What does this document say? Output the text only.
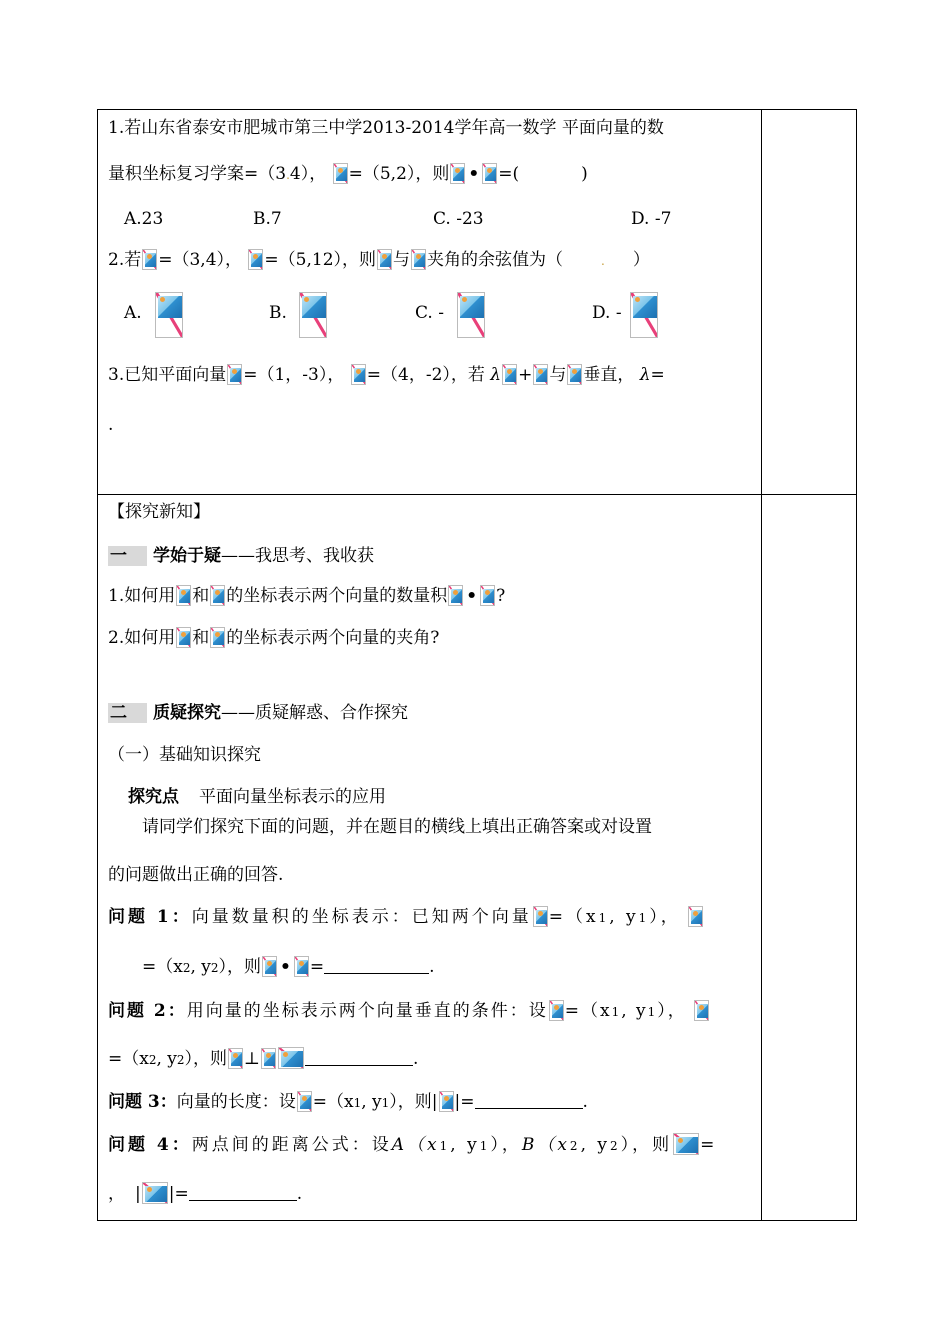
1.若山东省泰安市肥城市第三中学2013-2014学年高一数学 平面向量的数
量积坐标复习学案=（3.4）， =（5,2），则 • =(	)
A.23	B.7	C. -23	D. -7
2.若 =（3,4）， =（5,12），则 与 夹角的余弦值为（	. ）
A.	B.	C. -	D. -
3.已知平面向量 =（1，-3）， =（4，-2），若 λ + 与 垂直， λ=
.
【探究新知】
一 学始于疑——我思考、我收获
1.如何用 和 的坐标表示两个向量的数量积 • ?
2.如何用 和 的坐标表示两个向量的夹角?
二 质疑探究——质疑解惑、合作探究
（一）基础知识探究
探究点 平面向量坐标表示的应用
请同学们探究下面的问题，并在题目的横线上填出正确答案或对设置
的问题做出正确的回答.
问题 1：向量数量积的坐标表示：已知两个向量 =（x1, y1），
=（x2, y2），则 • =	.
问题 2：用向量的坐标表示两个向量垂直的条件：设 =（x1, y1），
=（x2, y2），则 ⊥	.
问题 3：向量的长度：设 =（x1, y1），则| |=	.
问题 4：两点间的距离公式：设A（x1, y1），B（x2, y2），则 =
， | |=	.
